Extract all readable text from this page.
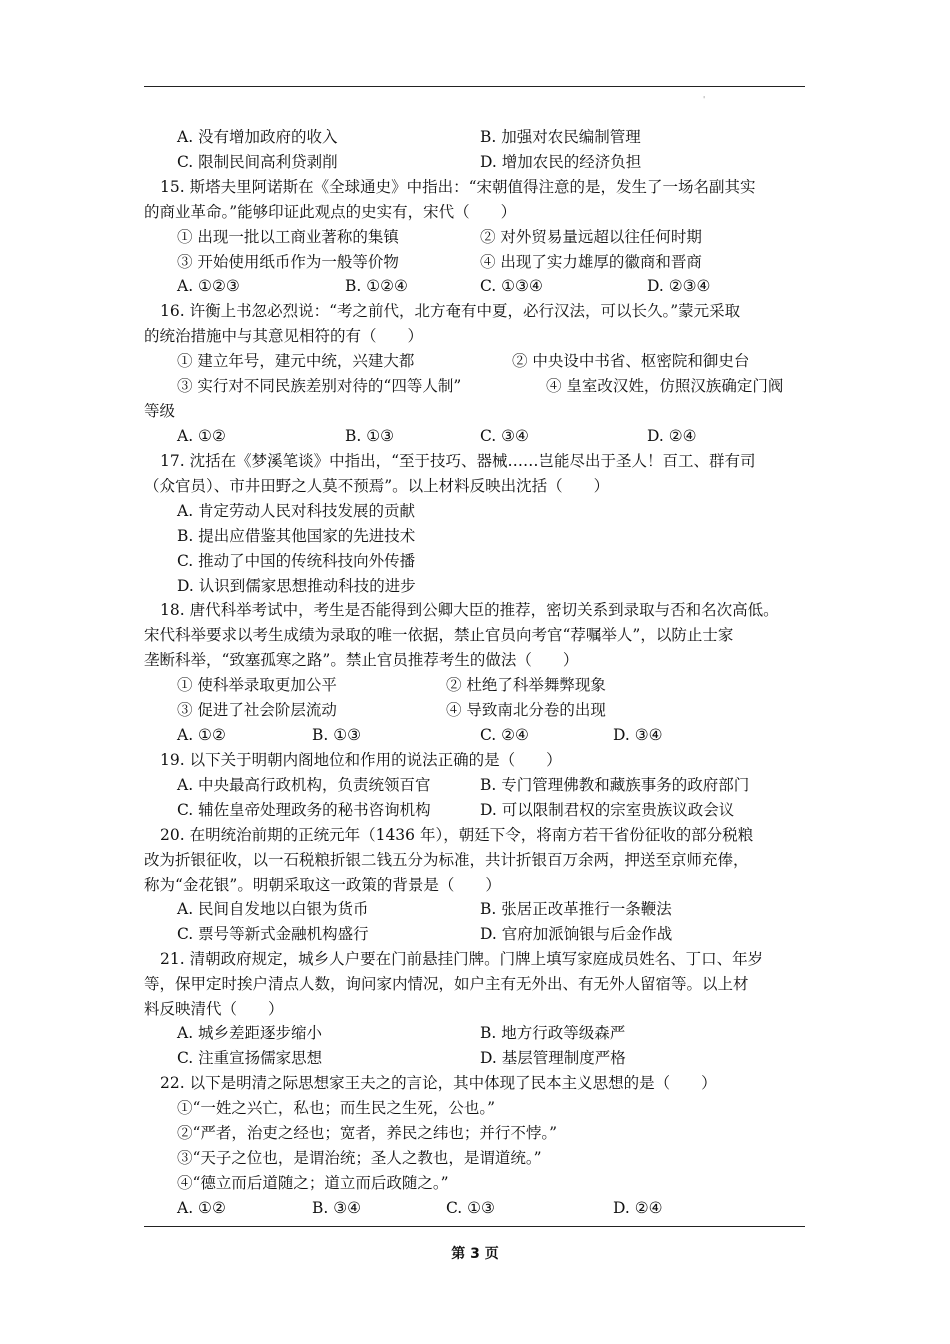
'
A. 没有增加政府的收入	B. 加强对农民编制管理
C. 限制民间高利贷剥削	D. 增加农民的经济负担
15. 斯塔夫里阿诺斯在《全球通史》中指出：“宋朝值得注意的是，发生了一场名副其实
的商业革命。”能够印证此观点的史实有，宋代（　　）
① 出现一批以工商业著称的集镇	② 对外贸易量远超以往任何时期
③ 开始使用纸币作为一般等价物	④ 出现了实力雄厚的徽商和晋商
A. ①②③	B. ①②④	C. ①③④	D. ②③④
16. 许衡上书忽必烈说：“考之前代，北方奄有中夏，必行汉法，可以长久。”蒙元采取
的统治措施中与其意见相符的有（　　）
① 建立年号，建元中统，兴建大都	② 中央设中书省、枢密院和御史台
③ 实行对不同民族差别对待的“四等人制”	④ 皇室改汉姓，仿照汉族确定门阀
等级
A. ①②	B. ①③	C. ③④	D. ②④
17. 沈括在《梦溪笔谈》中指出，“至于技巧、器械……岂能尽出于圣人！百工、群有司
（众官员）、市井田野之人莫不预焉”。以上材料反映出沈括（　　）
A. 肯定劳动人民对科技发展的贡献
B. 提出应借鉴其他国家的先进技术
C. 推动了中国的传统科技向外传播
D. 认识到儒家思想推动科技的进步
18. 唐代科举考试中，考生是否能得到公卿大臣的推荐，密切关系到录取与否和名次高低。
宋代科举要求以考生成绩为录取的唯一依据，禁止官员向考官“荐嘱举人”，以防止士家
垄断科举，“致塞孤寒之路”。禁止官员推荐考生的做法（　　）
① 使科举录取更加公平	② 杜绝了科举舞弊现象
③ 促进了社会阶层流动	④ 导致南北分卷的出现
A. ①②	B. ①③	C. ②④	D. ③④
19. 以下关于明朝内阁地位和作用的说法正确的是（　　）
A. 中央最高行政机构，负责统领百官	B. 专门管理佛教和藏族事务的政府部门
C. 辅佐皇帝处理政务的秘书咨询机构	D. 可以限制君权的宗室贵族议政会议
20. 在明统治前期的正统元年（1436 年），朝廷下令，将南方若干省份征收的部分税粮
改为折银征收，以一石税粮折银二钱五分为标准，共计折银百万余两，押送至京师充俸，
称为“金花银”。明朝采取这一政策的背景是（　　）
A. 民间自发地以白银为货币	B. 张居正改革推行一条鞭法
C. 票号等新式金融机构盛行	D. 官府加派饷银与后金作战
21. 清朝政府规定，城乡人户要在门前悬挂门牌。门牌上填写家庭成员姓名、丁口、年岁
等，保甲定时挨户清点人数，询问家内情况，如户主有无外出、有无外人留宿等。以上材
料反映清代（　　）
A. 城乡差距逐步缩小	B. 地方行政等级森严
C. 注重宣扬儒家思想	D. 基层管理制度严格
22. 以下是明清之际思想家王夫之的言论，其中体现了民本主义思想的是（　　）
①“一姓之兴亡，私也；而生民之生死，公也。”
②“严者，治吏之经也；宽者，养民之纬也；并行不悖。”
③“天子之位也，是谓治统；圣人之教也，是谓道统。”
④“德立而后道随之；道立而后政随之。”
A. ①②	B. ③④	C. ①③	D. ②④
第 3 页
